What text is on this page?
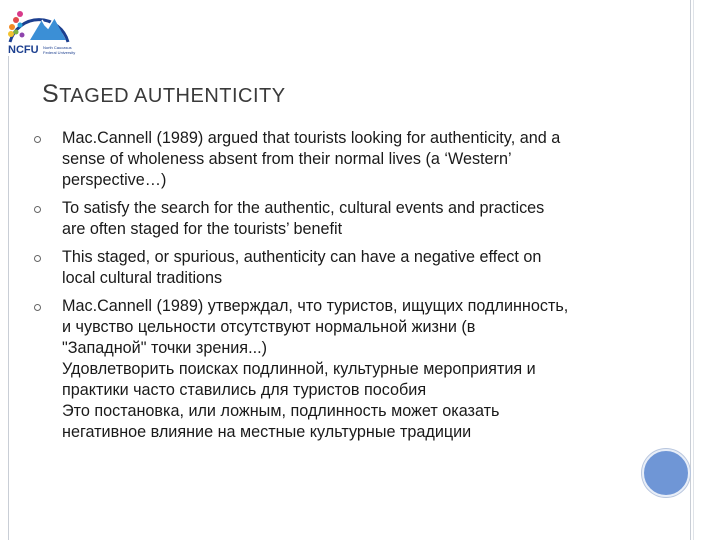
NCFU North Caucasus Federal University
STAGED AUTHENTICITY
Mac.Cannell (1989) argued that tourists looking for authenticity, and a
sense of wholeness absent from their normal lives (a ‘Western’
perspective…)
To satisfy the search for the authentic, cultural events and practices
are often staged for the tourists’ benefit
This staged, or spurious, authenticity can have a negative effect on
local cultural traditions
Mac.Cannell (1989) утверждал, что туристов, ищущих подлинность,
и чувство цельности отсутствуют нормальной жизни (в
"Западной" точки зрения...)
Удовлетворить поисках подлинной, культурные мероприятия и
практики часто ставились для туристов пособия
Это постановка, или ложным, подлинность может оказать
негативное влияние на местные культурные традиции
